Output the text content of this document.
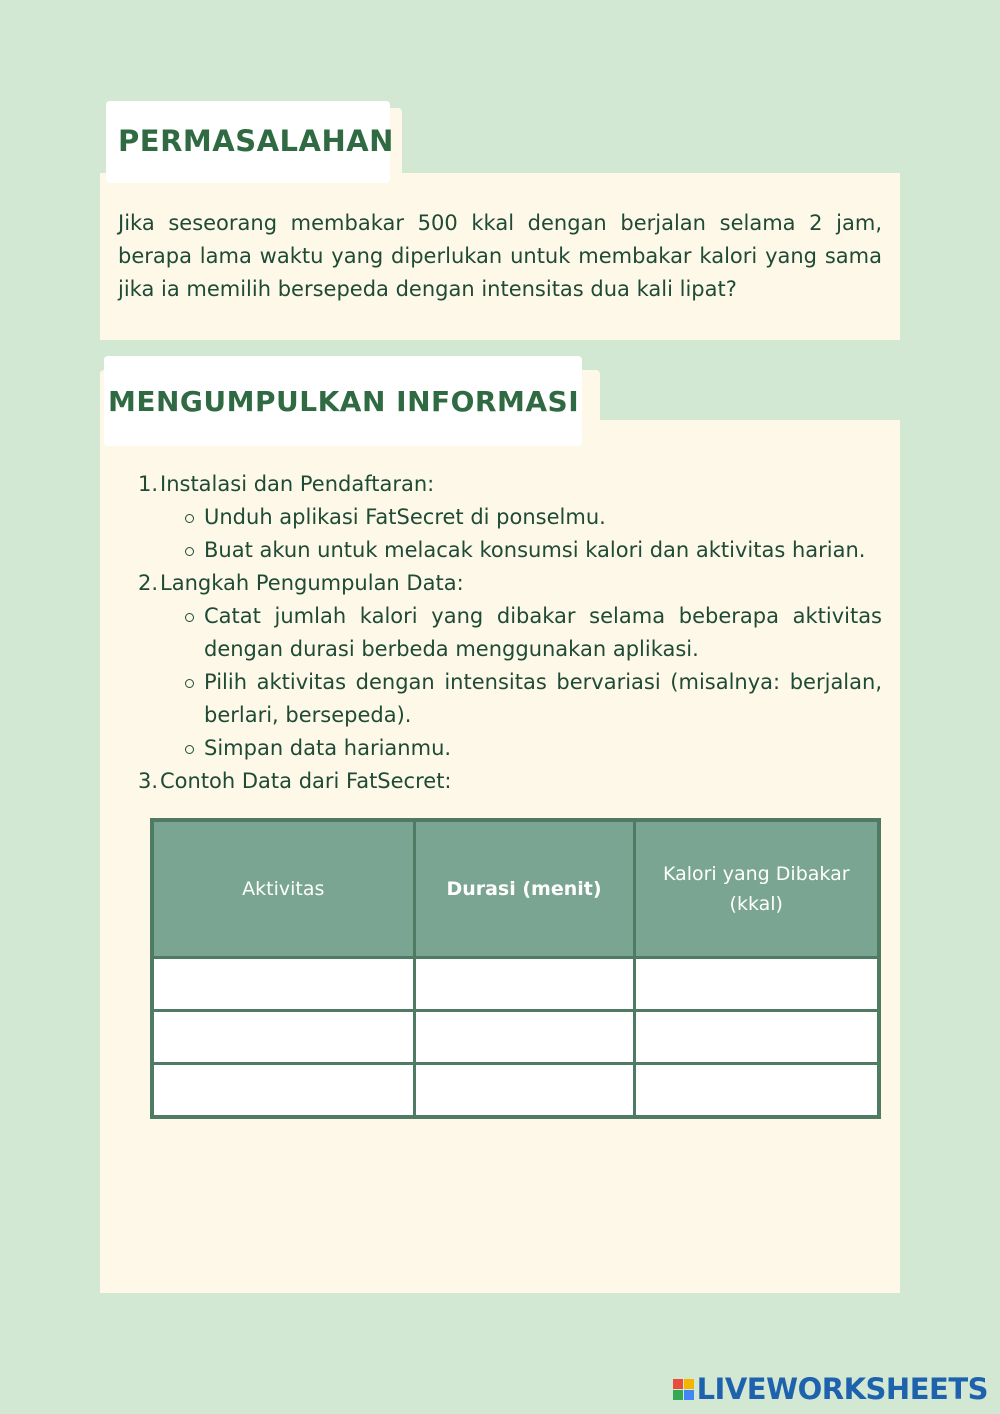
PERMASALAHAN
Jika seseorang membakar 500 kkal dengan berjalan selama 2 jam, berapa lama waktu yang diperlukan untuk membakar kalori yang sama jika ia memilih bersepeda dengan intensitas dua kali lipat?
MENGUMPULKAN INFORMASI
1. Instalasi dan Pendaftaran:
Unduh aplikasi FatSecret di ponselmu.
Buat akun untuk melacak konsumsi kalori dan aktivitas harian.
2. Langkah Pengumpulan Data:
Catat jumlah kalori yang dibakar selama beberapa aktivitas dengan durasi berbeda menggunakan aplikasi.
Pilih aktivitas dengan intensitas bervariasi (misalnya: berjalan, berlari, bersepeda).
Simpan data harianmu.
3. Contoh Data dari FatSecret:
Aktivitas	Durasi (menit)	Kalori yang Dibakar (kkal)

LIVEWORKSHEETS
